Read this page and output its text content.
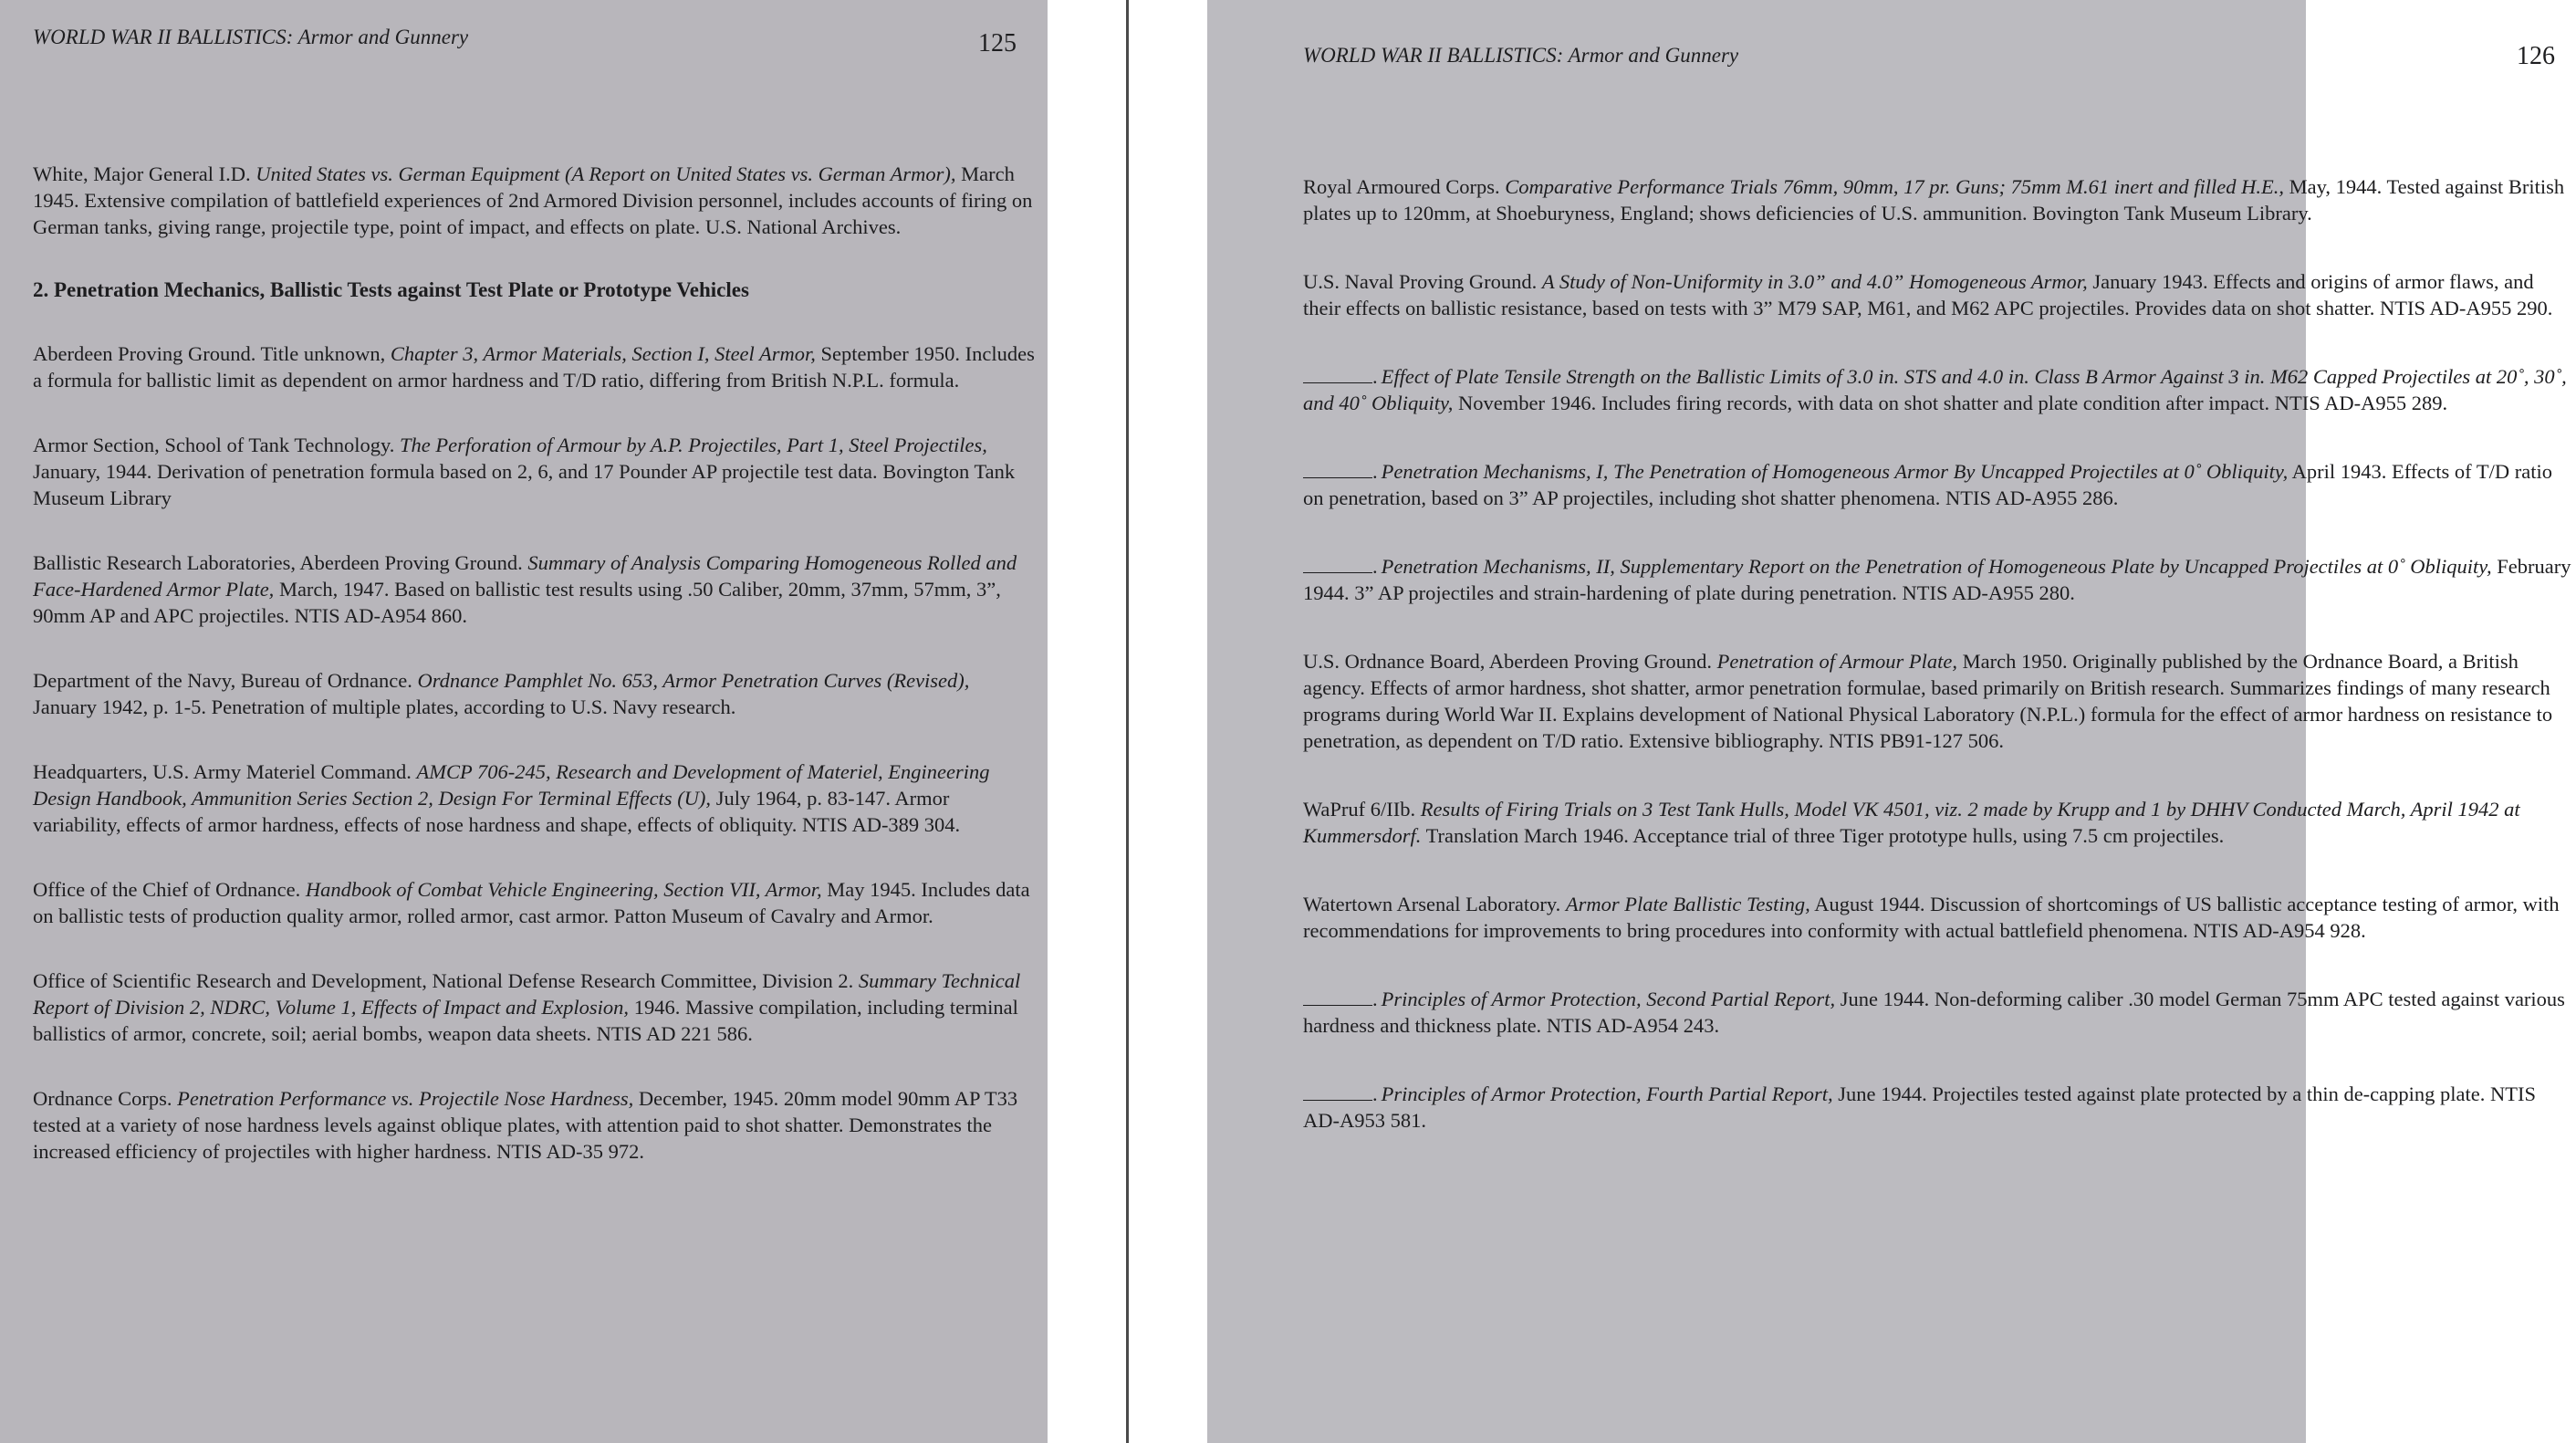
WORLD WAR II BALLISTICS: Armor and Gunnery	125
White, Major General I.D. United States vs. German Equipment (A Report on United States vs. German Armor), March 1945. Extensive compilation of battlefield experiences of 2nd Armored Division personnel, includes accounts of firing on German tanks, giving range, projectile type, point of impact, and effects on plate. U.S. National Archives.
2. Penetration Mechanics, Ballistic Tests against Test Plate or Prototype Vehicles
Aberdeen Proving Ground. Title unknown, Chapter 3, Armor Materials, Section I, Steel Armor, September 1950. Includes a formula for ballistic limit as dependent on armor hardness and T/D ratio, differing from British N.P.L. formula.
Armor Section, School of Tank Technology. The Perforation of Armour by A.P. Projectiles, Part 1, Steel Projectiles, January, 1944. Derivation of penetration formula based on 2, 6, and 17 Pounder AP projectile test data. Bovington Tank Museum Library
Ballistic Research Laboratories, Aberdeen Proving Ground. Summary of Analysis Comparing Homogeneous Rolled and Face-Hardened Armor Plate, March, 1947. Based on ballistic test results using .50 Caliber, 20mm, 37mm, 57mm, 3”, 90mm AP and APC projectiles. NTIS AD-A954 860.
Department of the Navy, Bureau of Ordnance. Ordnance Pamphlet No. 653, Armor Penetration Curves (Revised), January 1942, p. 1-5. Penetration of multiple plates, according to U.S. Navy research.
Headquarters, U.S. Army Materiel Command. AMCP 706-245, Research and Development of Materiel, Engineering Design Handbook, Ammunition Series Section 2, Design For Terminal Effects (U), July 1964, p. 83-147. Armor variability, effects of armor hardness, effects of nose hardness and shape, effects of obliquity. NTIS AD-389 304.
Office of the Chief of Ordnance. Handbook of Combat Vehicle Engineering, Section VII, Armor, May 1945. Includes data on ballistic tests of production quality armor, rolled armor, cast armor. Patton Museum of Cavalry and Armor.
Office of Scientific Research and Development, National Defense Research Committee, Division 2. Summary Technical Report of Division 2, NDRC, Volume 1, Effects of Impact and Explosion, 1946. Massive compilation, including terminal ballistics of armor, concrete, soil; aerial bombs, weapon data sheets. NTIS AD 221 586.
Ordnance Corps. Penetration Performance vs. Projectile Nose Hardness, December, 1945. 20mm model 90mm AP T33 tested at a variety of nose hardness levels against oblique plates, with attention paid to shot shatter. Demonstrates the increased efficiency of projectiles with higher hardness. NTIS AD-35 972.
WORLD WAR II BALLISTICS: Armor and Gunnery	126
Royal Armoured Corps. Comparative Performance Trials 76mm, 90mm, 17 pr. Guns; 75mm M.61 inert and filled H.E., May, 1944. Tested against British plates up to 120mm, at Shoeburyness, England; shows deficiencies of U.S. ammunition. Bovington Tank Museum Library.
U.S. Naval Proving Ground. A Study of Non-Uniformity in 3.0” and 4.0” Homogeneous Armor, January 1943. Effects and origins of armor flaws, and their effects on ballistic resistance, based on tests with 3” M79 SAP, M61, and M62 APC projectiles. Provides data on shot shatter. NTIS AD-A955 290.
. Effect of Plate Tensile Strength on the Ballistic Limits of 3.0 in. STS and 4.0 in. Class B Armor Against 3 in. M62 Capped Projectiles at 20˚, 30˚, and 40˚ Obliquity, November 1946. Includes firing records, with data on shot shatter and plate condition after impact. NTIS AD-A955 289.
. Penetration Mechanisms, I, The Penetration of Homogeneous Armor By Uncapped Projectiles at 0˚ Obliquity, April 1943. Effects of T/D ratio on penetration, based on 3” AP projectiles, including shot shatter phenomena. NTIS AD-A955 286.
. Penetration Mechanisms, II, Supplementary Report on the Penetration of Homogeneous Plate by Uncapped Projectiles at 0˚ Obliquity, February 1944. 3” AP projectiles and strain-hardening of plate during penetration. NTIS AD-A955 280.
U.S. Ordnance Board, Aberdeen Proving Ground. Penetration of Armour Plate, March 1950. Originally published by the Ordnance Board, a British agency. Effects of armor hardness, shot shatter, armor penetration formulae, based primarily on British research. Summarizes findings of many research programs during World War II. Explains development of National Physical Laboratory (N.P.L.) formula for the effect of armor hardness on resistance to penetration, as dependent on T/D ratio. Extensive bibliography. NTIS PB91-127 506.
WaPruf 6/IIb. Results of Firing Trials on 3 Test Tank Hulls, Model VK 4501, viz. 2 made by Krupp and 1 by DHHV Conducted March, April 1942 at Kummersdorf. Translation March 1946. Acceptance trial of three Tiger prototype hulls, using 7.5 cm projectiles.
Watertown Arsenal Laboratory. Armor Plate Ballistic Testing, August 1944. Discussion of shortcomings of US ballistic acceptance testing of armor, with recommendations for improvements to bring procedures into conformity with actual battlefield phenomena. NTIS AD-A954 928.
. Principles of Armor Protection, Second Partial Report, June 1944. Non-deforming caliber .30 model German 75mm APC tested against various hardness and thickness plate. NTIS AD-A954 243.
. Principles of Armor Protection, Fourth Partial Report, June 1944. Projectiles tested against plate protected by a thin de-capping plate. NTIS AD-A953 581.
